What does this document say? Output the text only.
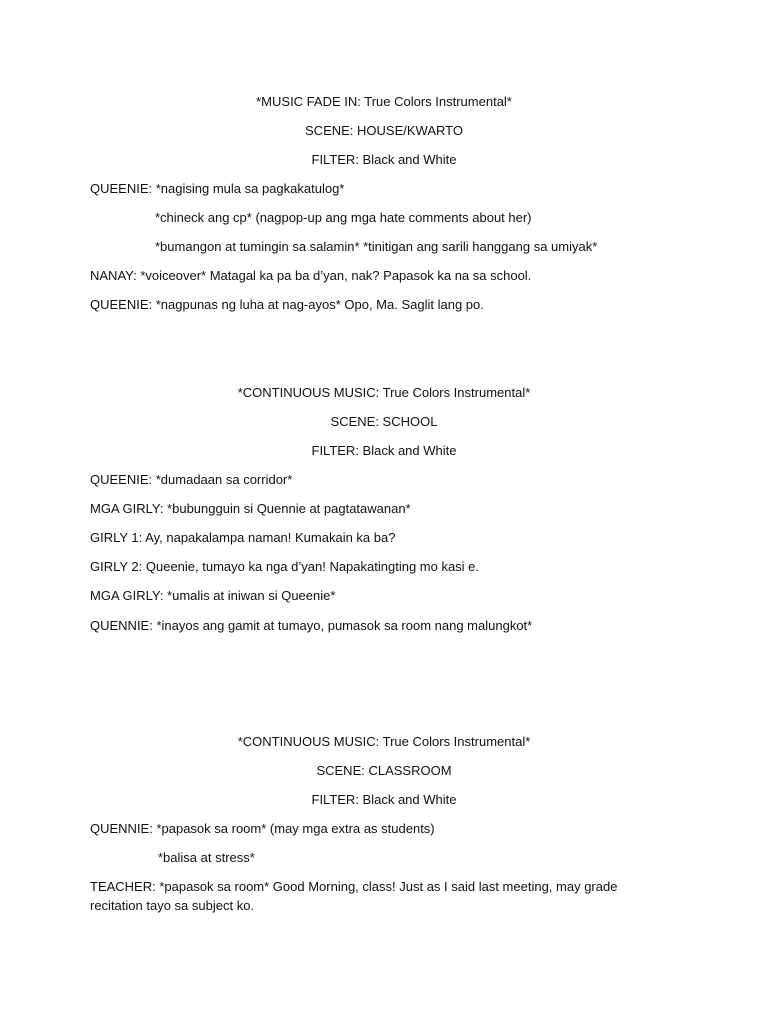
*MUSIC FADE IN: True Colors Instrumental*
SCENE: HOUSE/KWARTO
FILTER: Black and White
QUEENIE: *nagising mula sa pagkakatulog*
*chineck ang cp* (nagpop-up ang mga hate comments about her)
*bumangon at tumingin sa salamin* *tinitigan ang sarili hanggang sa umiyak*
NANAY: *voiceover* Matagal ka pa ba d’yan, nak? Papasok ka na sa school.
QUEENIE: *nagpunas ng luha at nag-ayos* Opo, Ma. Saglit lang po.
*CONTINUOUS MUSIC: True Colors Instrumental*
SCENE: SCHOOL
FILTER: Black and White
QUEENIE: *dumadaan sa corridor*
MGA GIRLY: *bubungguin si Quennie at pagtatawanan*
GIRLY 1: Ay, napakalampa naman! Kumakain ka ba?
GIRLY 2: Queenie, tumayo ka nga d’yan! Napakatingting mo kasi e.
MGA GIRLY: *umalis at iniwan si Queenie*
QUENNIE: *inayos ang gamit at tumayo, pumasok sa room nang malungkot*
*CONTINUOUS MUSIC: True Colors Instrumental*
SCENE: CLASSROOM
FILTER: Black and White
QUENNIE: *papasok sa room* (may mga extra as students)
*balisa at stress*
TEACHER: *papasok sa room* Good Morning, class! Just as I said last meeting, may grade recitation tayo sa subject ko.
